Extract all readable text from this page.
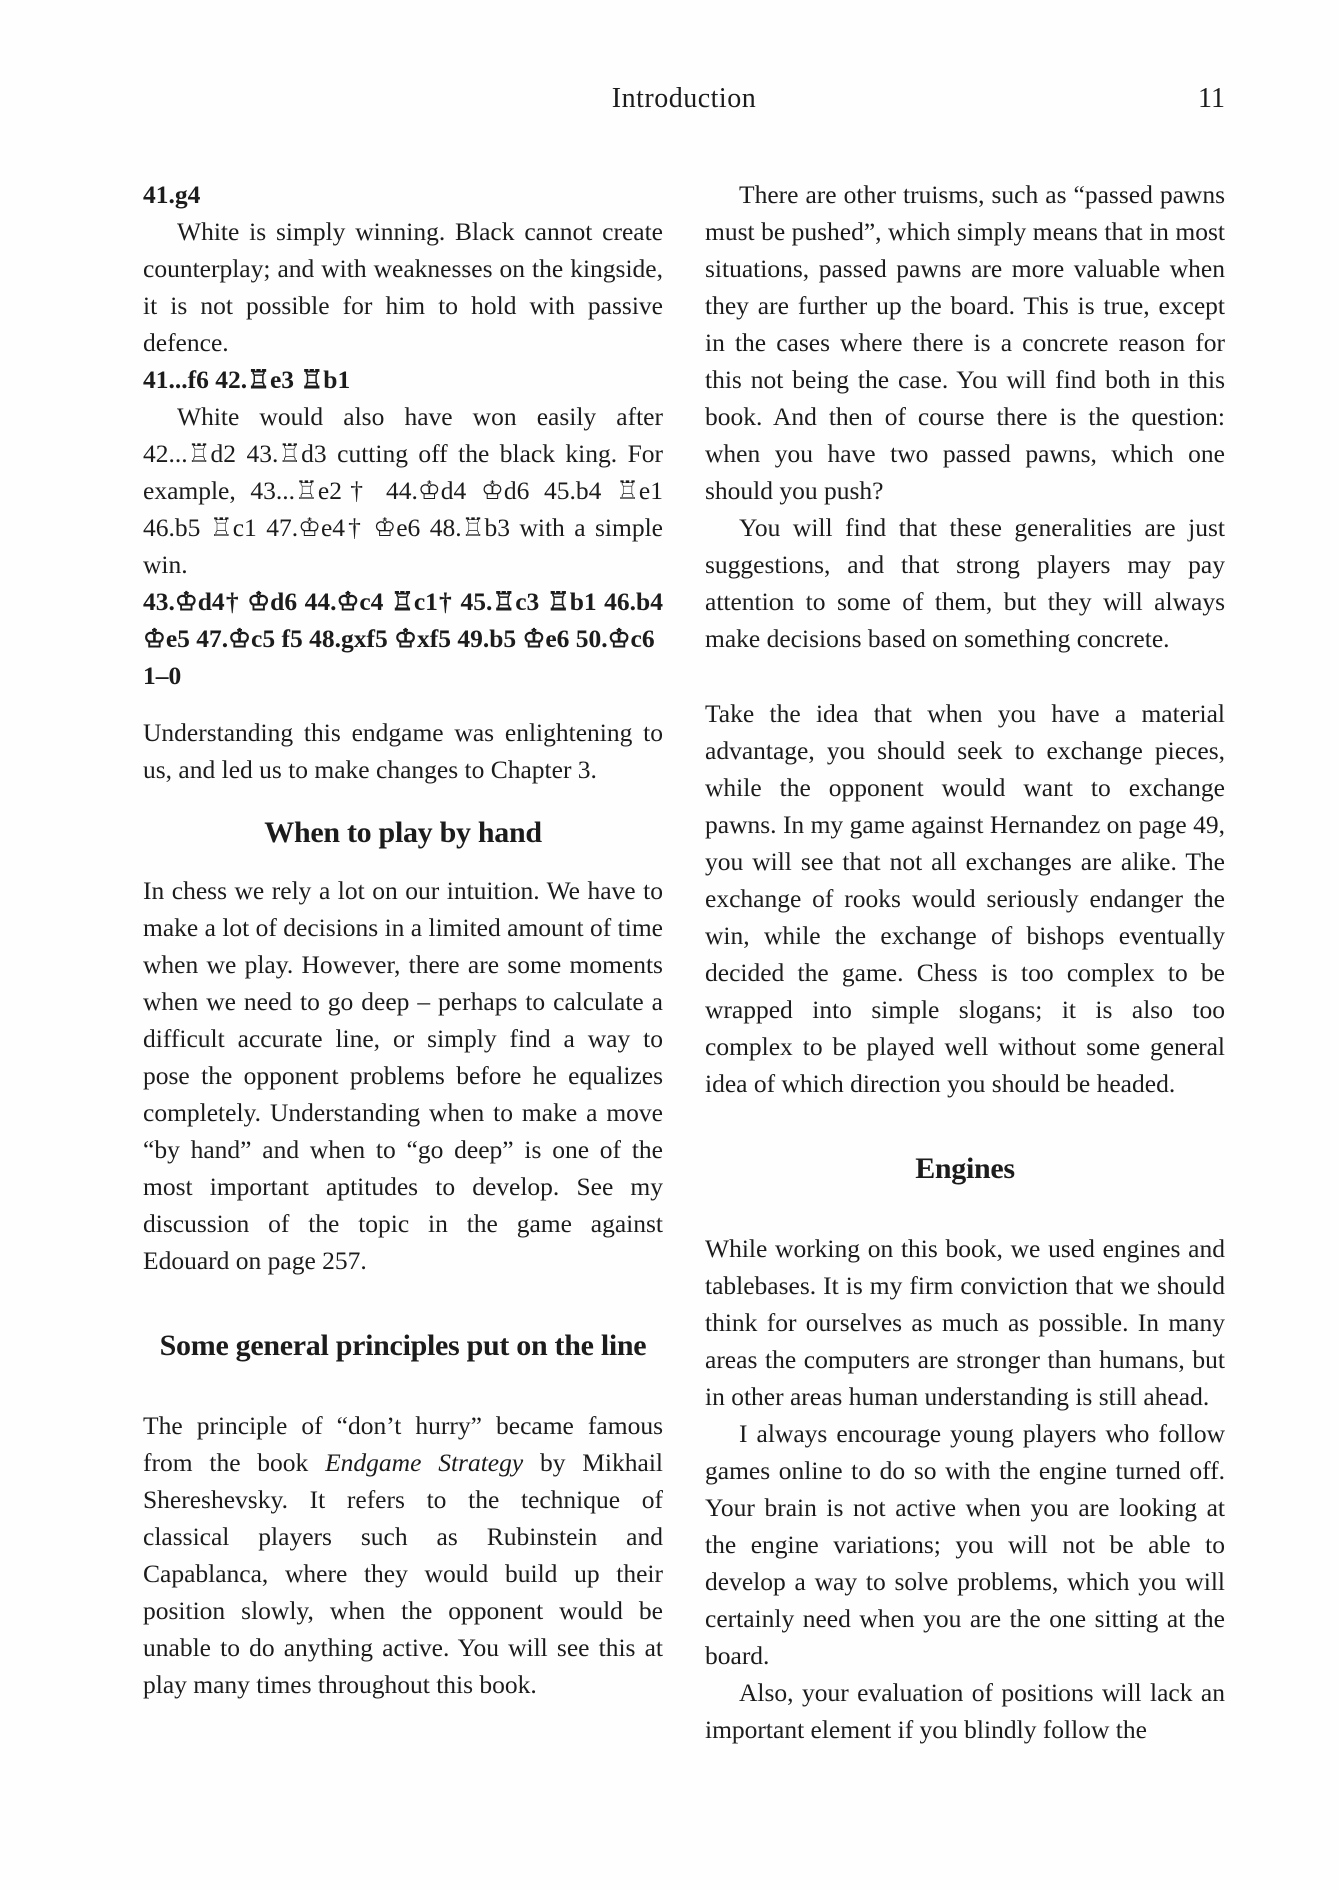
Introduction	11

41.g4

White is simply winning. Black cannot create counterplay; and with weaknesses on the kingside, it is not possible for him to hold with passive defence.

41...f6 42.♖e3 ♖b1

White would also have won easily after 42...♖d2 43.♖d3 cutting off the black king. For example, 43...♖e2† 44.♔d4 ♔d6 45.b4 ♖e1 46.b5 ♖c1 47.♔e4† ♔e6 48.♖b3 with a simple win.

43.♔d4† ♔d6 44.♔c4 ♖c1† 45.♖c3 ♖b1 46.b4 ♔e5 47.♔c5 f5 48.gxf5 ♔xf5 49.b5 ♔e6 50.♔c6

1–0

Understanding this endgame was enlightening to us, and led us to make changes to Chapter 3.

When to play by hand

In chess we rely a lot on our intuition. We have to make a lot of decisions in a limited amount of time when we play. However, there are some moments when we need to go deep – perhaps to calculate a difficult accurate line, or simply find a way to pose the opponent problems before he equalizes completely. Understanding when to make a move “by hand” and when to “go deep” is one of the most important aptitudes to develop. See my discussion of the topic in the game against Edouard on page 257.

Some general principles put on the line

The principle of “don’t hurry” became famous from the book Endgame Strategy by Mikhail Shereshevsky. It refers to the technique of classical players such as Rubinstein and Capablanca, where they would build up their position slowly, when the opponent would be unable to do anything active. You will see this at play many times throughout this book.

There are other truisms, such as “passed pawns must be pushed”, which simply means that in most situations, passed pawns are more valuable when they are further up the board. This is true, except in the cases where there is a concrete reason for this not being the case. You will find both in this book. And then of course there is the question: when you have two passed pawns, which one should you push?

You will find that these generalities are just suggestions, and that strong players may pay attention to some of them, but they will always make decisions based on something concrete.

Take the idea that when you have a material advantage, you should seek to exchange pieces, while the opponent would want to exchange pawns. In my game against Hernandez on page 49, you will see that not all exchanges are alike. The exchange of rooks would seriously endanger the win, while the exchange of bishops eventually decided the game. Chess is too complex to be wrapped into simple slogans; it is also too complex to be played well without some general idea of which direction you should be headed.

Engines

While working on this book, we used engines and tablebases. It is my firm conviction that we should think for ourselves as much as possible. In many areas the computers are stronger than humans, but in other areas human understanding is still ahead.

I always encourage young players who follow games online to do so with the engine turned off. Your brain is not active when you are looking at the engine variations; you will not be able to develop a way to solve problems, which you will certainly need when you are the one sitting at the board.

Also, your evaluation of positions will lack an important element if you blindly follow the
